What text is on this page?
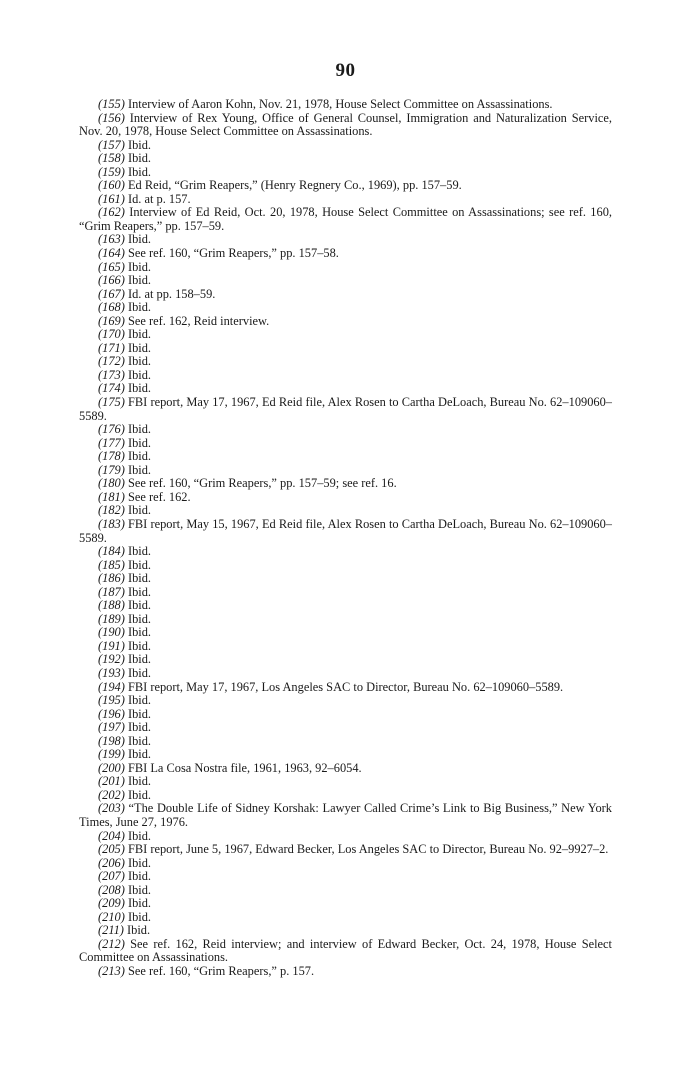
90

(155) Interview of Aaron Kohn, Nov. 21, 1978, House Select Committee on Assassinations.

(156) Interview of Rex Young, Office of General Counsel, Immigration and Naturalization Service, Nov. 20, 1978, House Select Committee on Assassinations.

(157) Ibid.

(158) Ibid.

(159) Ibid.

(160) Ed Reid, “Grim Reapers,” (Henry Regnery Co., 1969), pp. 157–59.

(161) Id. at p. 157.

(162) Interview of Ed Reid, Oct. 20, 1978, House Select Committee on Assassinations; see ref. 160, “Grim Reapers,” pp. 157–59.

(163) Ibid.

(164) See ref. 160, “Grim Reapers,” pp. 157–58.

(165) Ibid.

(166) Ibid.

(167) Id. at pp. 158–59.

(168) Ibid.

(169) See ref. 162, Reid interview.

(170) Ibid.

(171) Ibid.

(172) Ibid.

(173) Ibid.

(174) Ibid.

(175) FBI report, May 17, 1967, Ed Reid file, Alex Rosen to Cartha DeLoach, Bureau No. 62–109060–5589.

(176) Ibid.

(177) Ibid.

(178) Ibid.

(179) Ibid.

(180) See ref. 160, “Grim Reapers,” pp. 157–59; see ref. 16.

(181) See ref. 162.

(182) Ibid.

(183) FBI report, May 15, 1967, Ed Reid file, Alex Rosen to Cartha DeLoach, Bureau No. 62–109060–5589.

(184) Ibid.

(185) Ibid.

(186) Ibid.

(187) Ibid.

(188) Ibid.

(189) Ibid.

(190) Ibid.

(191) Ibid.

(192) Ibid.

(193) Ibid.

(194) FBI report, May 17, 1967, Los Angeles SAC to Director, Bureau No. 62–109060–5589.

(195) Ibid.

(196) Ibid.

(197) Ibid.

(198) Ibid.

(199) Ibid.

(200) FBI La Cosa Nostra file, 1961, 1963, 92–6054.

(201) Ibid.

(202) Ibid.

(203) “The Double Life of Sidney Korshak: Lawyer Called Crime’s Link to Big Business,” New York Times, June 27, 1976.

(204) Ibid.

(205) FBI report, June 5, 1967, Edward Becker, Los Angeles SAC to Director, Bureau No. 92–9927–2.

(206) Ibid.

(207) Ibid.

(208) Ibid.

(209) Ibid.

(210) Ibid.

(211) Ibid.

(212) See ref. 162, Reid interview; and interview of Edward Becker, Oct. 24, 1978, House Select Committee on Assassinations.

(213) See ref. 160, “Grim Reapers,” p. 157.
